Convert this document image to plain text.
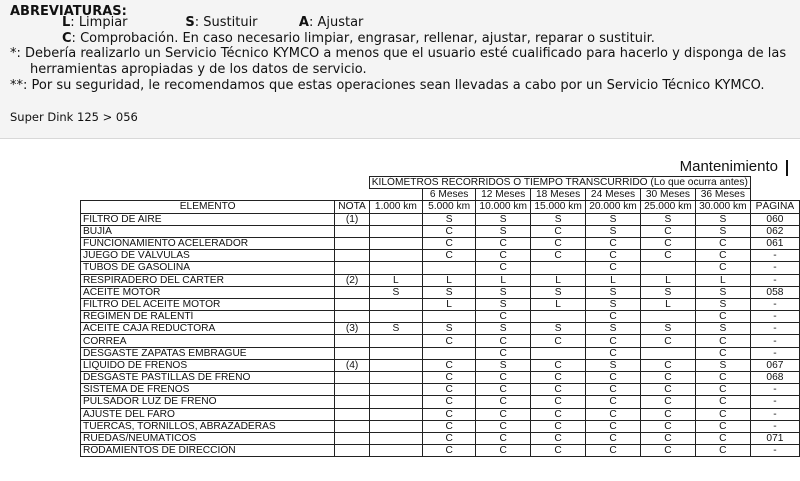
ABREVIATURAS:
L: Limpiar	S: Sustituir	A: Ajustar
C: Comprobación. En caso necesario limpiar, engrasar, rellenar, ajustar, reparar o sustituir.
*: Debería realizarlo un Servicio Técnico KYMCO a menos que el usuario esté cualificado para hacerlo y disponga de las
herramientas apropiadas y de los datos de servicio.
**: Por su seguridad, le recomendamos que estas operaciones sean llevadas a cabo por un Servicio Técnico KYMCO.
Super Dink 125 > 056
Mantenimiento
		KILÓMETROS RECORRIDOS O TIEMPO TRANSCURRIDO (Lo que ocurra antes)							
			6 Meses	12 Meses	18 Meses	24 Meses	30 Meses	36 Meses	
ELEMENTO	NOTA	1.000 km	5.000 km	10.000 km	15.000 km	20.000 km	25.000 km	30.000 km	PÁGINA
FILTRO DE AIRE	(1)		S	S	S	S	S	S	060
BUJÍA			C	S	C	S	C	S	062
FUNCIONAMIENTO ACELERADOR			C	C	C	C	C	C	061
JUEGO DE VÁLVULAS			C	C	C	C	C	C	-
TUBOS DE GASOLINA				C		C		C	-
RESPIRADERO DEL CÁRTER	(2)	L	L	L	L	L	L	L	-
ACEITE MOTOR		S	S	S	S	S	S	S	058
FILTRO DEL ACEITE MOTOR			L	S	L	S	L	S	-
RÉGIMEN DE RALENTÍ				C		C		C	-
ACEITE CAJA REDUCTORA	(3)	S	S	S	S	S	S	S	-
CORREA			C	C	C	C	C	C	-
DESGASTE ZAPATAS EMBRAGUE				C		C		C	-
LÍQUIDO DE FRENOS	(4)		C	S	C	S	C	S	067
DESGASTE PASTILLAS DE FRENO			C	C	C	C	C	C	068
SISTEMA DE FRENOS			C	C	C	C	C	C	-
PULSADOR LUZ DE FRENO			C	C	C	C	C	C	-
AJUSTE DEL FARO			C	C	C	C	C	C	-
TUERCAS, TORNILLOS, ABRAZADERAS			C	C	C	C	C	C	-
RUEDAS/NEUMÁTICOS			C	C	C	C	C	C	071
RODAMIENTOS DE DIRECCIÓN			C	C	C	C	C	C	-
